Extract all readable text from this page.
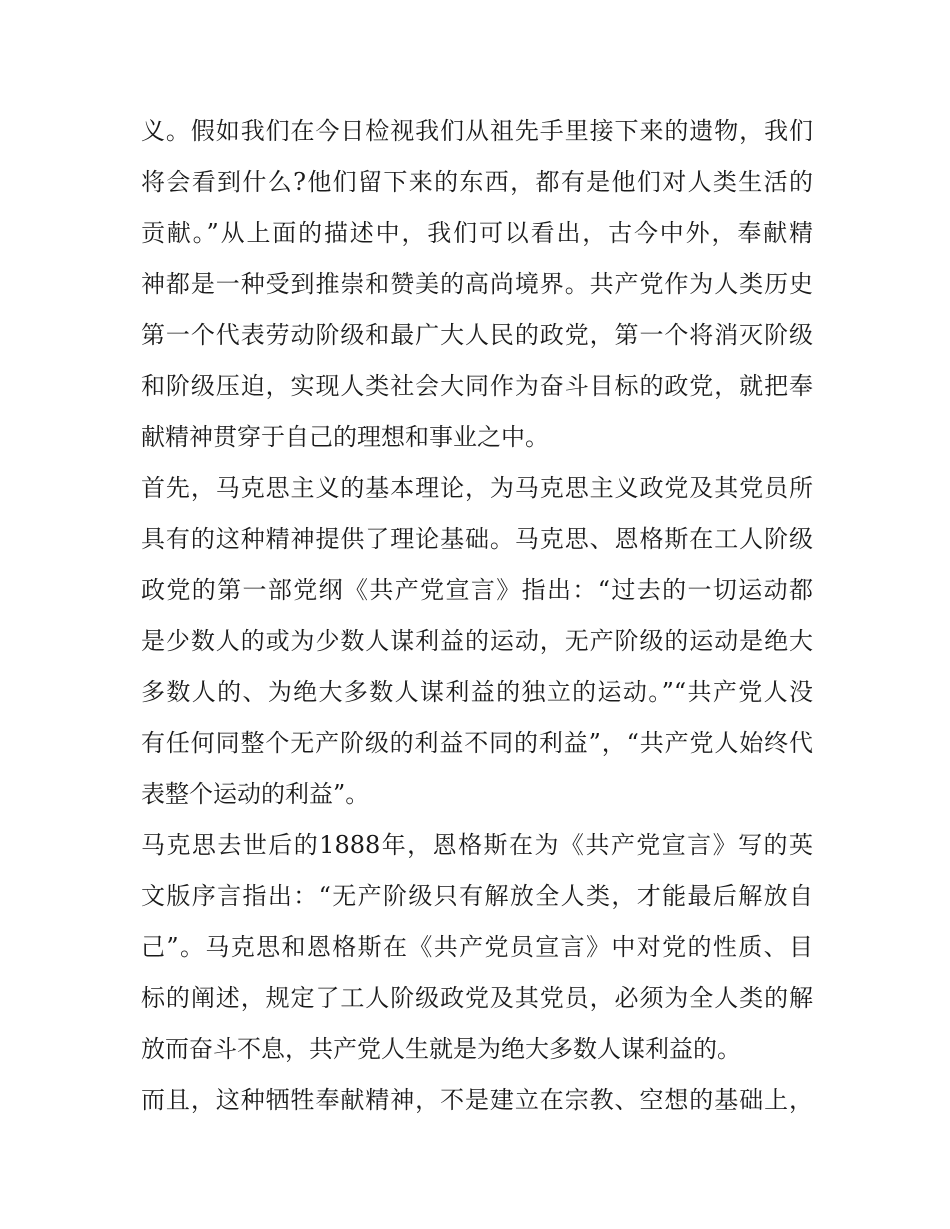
义。假如我们在今日检视我们从祖先手里接下来的遗物，我们
将会看到什么?他们留下来的东西，都有是他们对人类生活的
贡献。”从上面的描述中，我们可以看出，古今中外，奉献精
神都是一种受到推崇和赞美的高尚境界。共产党作为人类历史
第一个代表劳动阶级和最广大人民的政党，第一个将消灭阶级
和阶级压迫，实现人类社会大同作为奋斗目标的政党，就把奉
献精神贯穿于自己的理想和事业之中。
首先，马克思主义的基本理论，为马克思主义政党及其党员所
具有的这种精神提供了理论基础。马克思、恩格斯在工人阶级
政党的第一部党纲《共产党宣言》指出：“过去的一切运动都
是少数人的或为少数人谋利益的运动，无产阶级的运动是绝大
多数人的、为绝大多数人谋利益的独立的运动。”“共产党人没
有任何同整个无产阶级的利益不同的利益”，“共产党人始终代
表整个运动的利益”。
马克思去世后的1888年，恩格斯在为《共产党宣言》写的英
文版序言指出：“无产阶级只有解放全人类，才能最后解放自
己”。马克思和恩格斯在《共产党员宣言》中对党的性质、目
标的阐述，规定了工人阶级政党及其党员，必须为全人类的解
放而奋斗不息，共产党人生就是为绝大多数人谋利益的。
而且，这种牺牲奉献精神，不是建立在宗教、空想的基础上，
